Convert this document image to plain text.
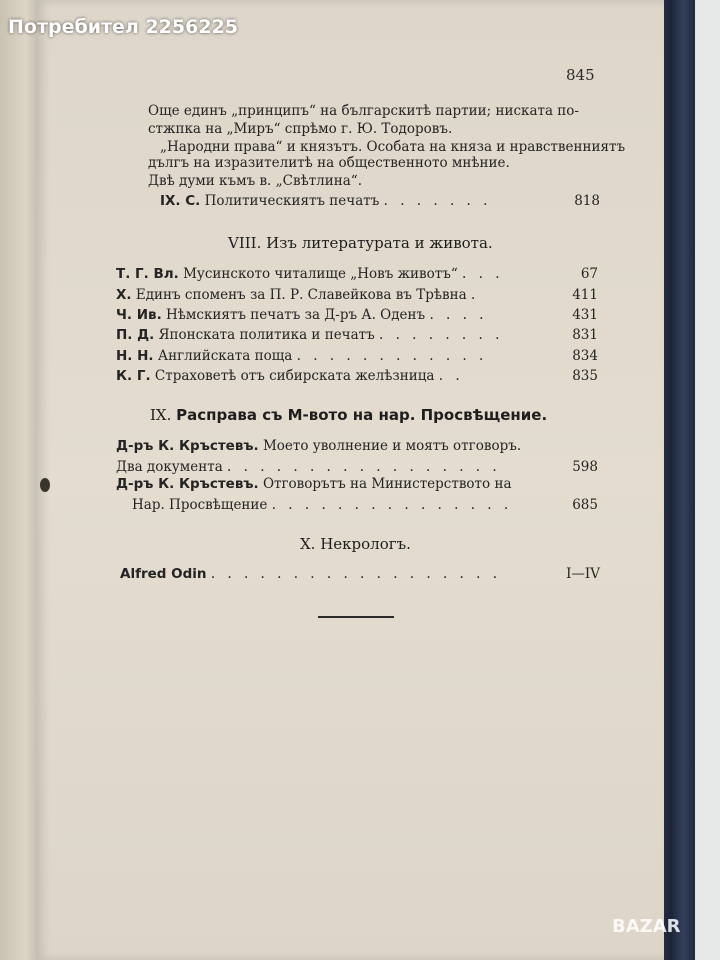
Потребител 2256225
845
Още единъ „принципъ“ на българскитѣ партии; ниската по-
стжпка на „Миръ“ спрѣмо г. Ю. Тодоровъ.
„Народни права“ и князътъ. Особата на княза и нравственниятъ
дългъ на изразителитѣ на общественното мнѣние.
Двѣ думи къмъ в. „Свѣтлина“.
IX. С. Политическиятъ печатъ . . . . . . .	818
VIII. Изъ литературата и живота.
Т. Г. Вл. Мусинското читалище „Новъ животъ“ . . .	67
Х. Единъ споменъ за П. Р. Славейкова въ Трѣвна .	411
Ч. Ив. Нѣмскиятъ печатъ за Д-ръ А. Оденъ . . . .	431
П. Д. Японската политика и печатъ . . . . . . . .	831
Н. Н. Английската поща . . . . . . . . . . . .	834
К. Г. Страховетѣ отъ сибирската желѣзница . .	835
IX. Расправа съ М-вото на нар. Просвѣщение.
Д-ръ К. Кръстевъ. Моето уволнение и моятъ отговоръ.
Два документа . . . . . . . . . . . . . . . . .	598
Д-ръ К. Кръстевъ. Отговорътъ на Министерството на
Нар. Просвѣщение . . . . . . . . . . . . . . .	685
X. Некрологъ.
Alfred Odin . . . . . . . . . . . . . . . . . .	I—IV
BAZAR
